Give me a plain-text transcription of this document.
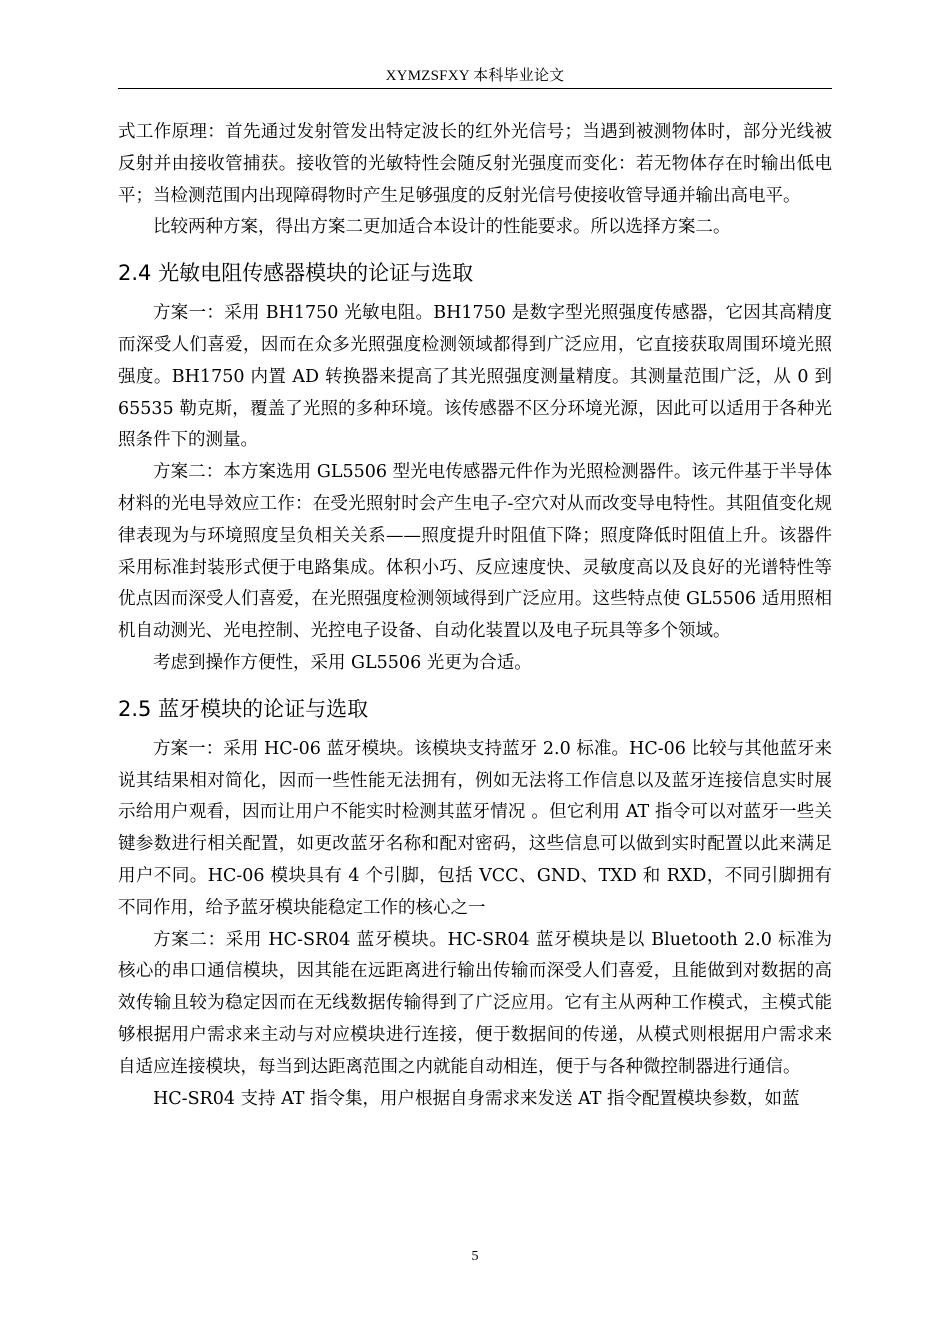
XYMZSFXY 本科毕业论文

式工作原理：首先通过发射管发出特定波长的红外光信号；当遇到被测物体时，部分光线被反射并由接收管捕获。接收管的光敏特性会随反射光强度而变化：若无物体存在时输出低电平；当检测范围内出现障碍物时产生足够强度的反射光信号使接收管导通并输出高电平。

比较两种方案，得出方案二更加适合本设计的性能要求。所以选择方案二。

2.4 光敏电阻传感器模块的论证与选取

方案一：采用 BH1750 光敏电阻。BH1750 是数字型光照强度传感器，它因其高精度而深受人们喜爱，因而在众多光照强度检测领域都得到广泛应用，它直接获取周围环境光照强度。BH1750 内置 AD 转换器来提高了其光照强度测量精度。其测量范围广泛，从 0 到 65535 勒克斯，覆盖了光照的多种环境。该传感器不区分环境光源，因此可以适用于各种光照条件下的测量。

方案二：本方案选用 GL5506 型光电传感器元件作为光照检测器件。该元件基于半导体材料的光电导效应工作：在受光照射时会产生电子-空穴对从而改变导电特性。其阻值变化规律表现为与环境照度呈负相关关系——照度提升时阻值下降；照度降低时阻值上升。该器件采用标准封装形式便于电路集成。体积小巧、反应速度快、灵敏度高以及良好的光谱特性等优点因而深受人们喜爱，在光照强度检测领域得到广泛应用。这些特点使 GL5506 适用照相机自动测光、光电控制、光控电子设备、自动化装置以及电子玩具等多个领域。

考虑到操作方便性，采用 GL5506 光更为合适。

2.5 蓝牙模块的论证与选取

方案一：采用 HC-06 蓝牙模块。该模块支持蓝牙 2.0 标准。HC-06 比较与其他蓝牙来说其结果相对简化，因而一些性能无法拥有，例如无法将工作信息以及蓝牙连接信息实时展示给用户观看，因而让用户不能实时检测其蓝牙情况 。但它利用 AT 指令可以对蓝牙一些关键参数进行相关配置，如更改蓝牙名称和配对密码，这些信息可以做到实时配置以此来满足用户不同。HC-06 模块具有 4 个引脚，包括 VCC、GND、TXD 和 RXD，不同引脚拥有不同作用，给予蓝牙模块能稳定工作的核心之一

方案二：采用 HC-SR04 蓝牙模块。HC-SR04 蓝牙模块是以 Bluetooth 2.0 标准为核心的串口通信模块，因其能在远距离进行输出传输而深受人们喜爱，且能做到对数据的高效传输且较为稳定因而在无线数据传输得到了广泛应用。它有主从两种工作模式，主模式能够根据用户需求来主动与对应模块进行连接，便于数据间的传递，从模式则根据用户需求来自适应连接模块，每当到达距离范围之内就能自动相连，便于与各种微控制器进行通信。

HC-SR04 支持 AT 指令集，用户根据自身需求来发送 AT 指令配置模块参数，如蓝

5
